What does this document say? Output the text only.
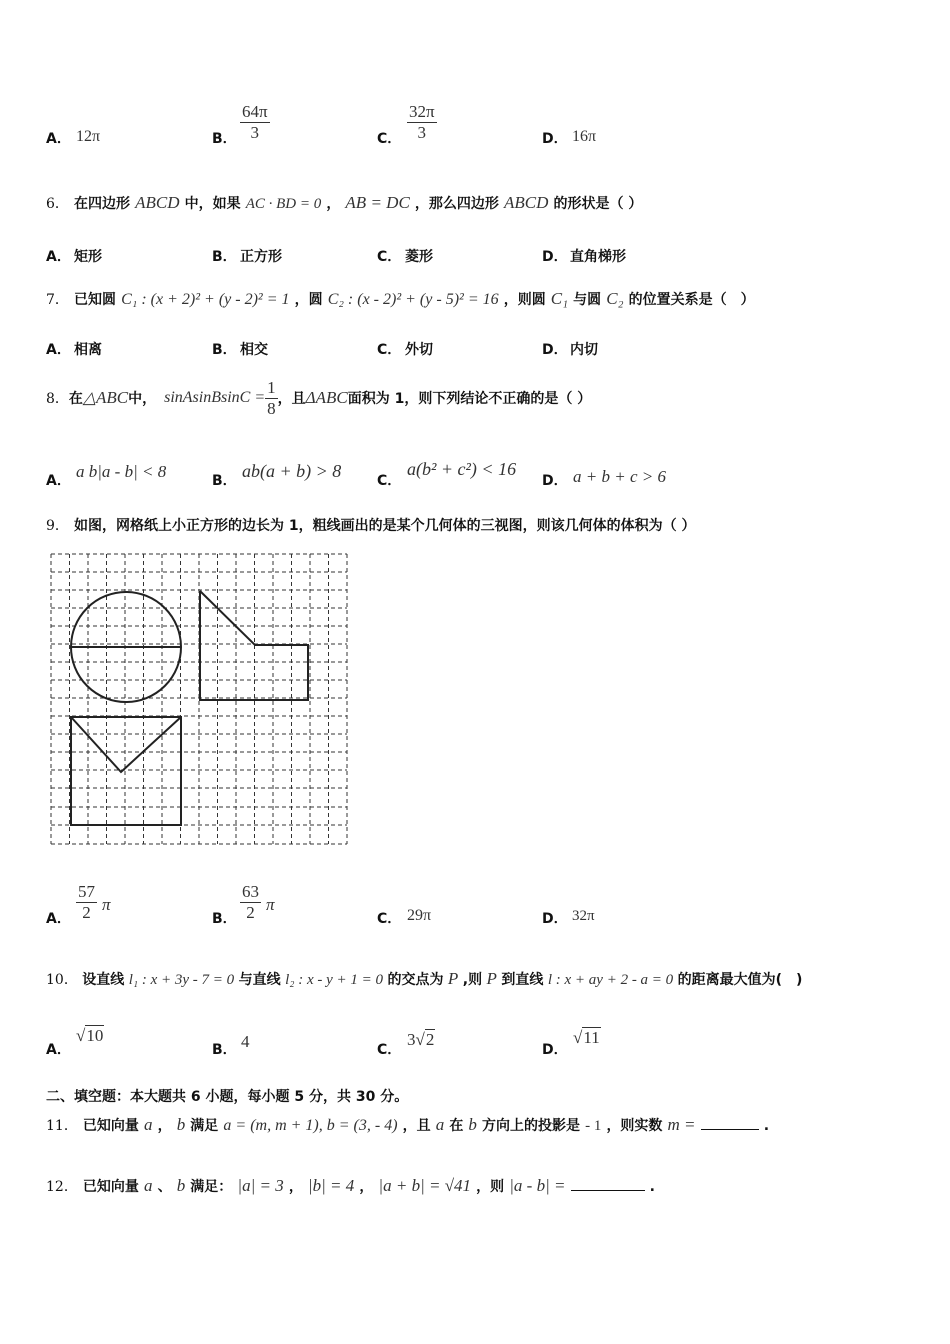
A． 12π	B． $\frac{64\pi}{3}$	C． $\frac{32\pi}{3}$	D． 16π
6． 在四边形 ABCD 中，如果 AC · BD = 0 ， AB = DC ，那么四边形 ABCD 的形状是（ ）
A． 矩形	B． 正方形	C． 菱形	D． 直角梯形
7． 已知圆 C₁ : (x + 2)² + (y - 2)² = 1 ，圆 C₂ : (x - 2)² + (y - 5)² = 16 ，则圆 C₁ 与圆 C₂ 的位置关系是（　）
A． 相离	B． 相交	C． 外切	D． 内切
8． 在 △ABC 中， sinAsinBsinC = $\frac{1}{8}$ ，且 ΔABC 面积为 1，则下列结论不正确的是（ ）
A． a b|a - b| < 8	B． ab(a + b) > 8	C．
a(b² + c²) < 16
D． a + b + c > 6
9． 如图，网格纸上小正方形的边长为 1，粗线画出的是某个几何体的三视图，则该几何体的体积为（ ）
A． $\frac{57}{2}$ π
B． $\frac{63}{2}$ π
C． 29π	D． 32π
10． 设直线 l₁ : x + 3y - 7 = 0 与直线 l₂ : x - y + 1 = 0 的交点为 P ,则 P 到直线 l : x + ay + 2 - a = 0 的距离最大值为(　)
A．
√10
B． 4	C．
3√2
D．
√11
二、填空题：本大题共 6 小题，每小题 5 分，共 30 分。
11． 已知向量 a ， b 满足 a = (m, m + 1), b = (3, - 4) ，且 a 在 b 方向上的投影是 - 1 ，则实数 m =	.
12． 已知向量 a 、 b 满足： |a| = 3 ， |b| = 4 ， |a + b| = √41 ，则 |a - b| =	.
